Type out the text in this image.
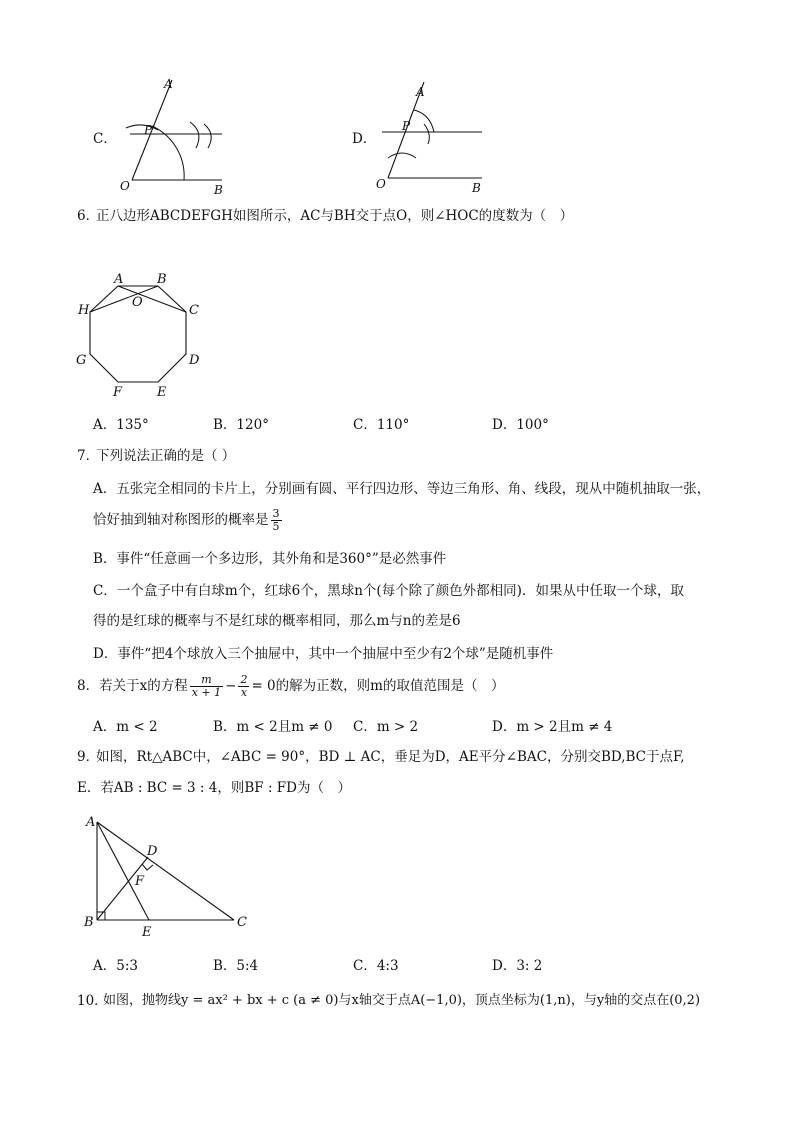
C．
A
P
O	B
D．
A
P
O	B
6．
正八边形ABCDEFGH如图所示，AC与BH交于点O，则∠HOC的度数为（　）
A	B
C
D
E
F
G
H
O
A．135°	B．120°	C．110°	D．100°
7．
下列说法正确的是（ ）
A．五张完全相同的卡片上，分别画有圆、平行四边形、等边三角形、角、线段，现从中随机抽取一张，
恰好抽到轴对称图形的概率是 $\frac{3}{5}$
B．事件“任意画一个多边形，其外角和是360°”是必然事件
C．一个盒子中有白球m个，红球6个，黑球n个(每个除了颜色外都相同)．如果从中任取一个球，取
得的是红球的概率与不是红球的概率相同，那么m与n的差是6
D．事件“把4个球放入三个抽屉中，其中一个抽屉中至少有2个球”是随机事件
8．若关于x的方程 $\frac{m}{x + 1} - \frac{2}{x} = 0$的解为正数，则m的取值范围是（　）
A．m < 2	B．m < 2且m ≠ 0 C．m > 2	D．m > 2且m ≠ 4
9．
如图，Rt△ABC中，∠ABC = 90°，BD ⊥ AC，垂足为D，AE平分∠BAC，分别交BD,BC于点F,
E．若AB : BC = 3 : 4，则BF : FD为（　）
A
B	C
D
E
F
A．5:3	B．5:4	C．4:3	D．3: 2
10．
如图，抛物线y = ax² + bx + c (a ≠ 0)与x轴交于点A(−1,0)，顶点坐标为(1,n)，与y轴的交点在(0,2)
